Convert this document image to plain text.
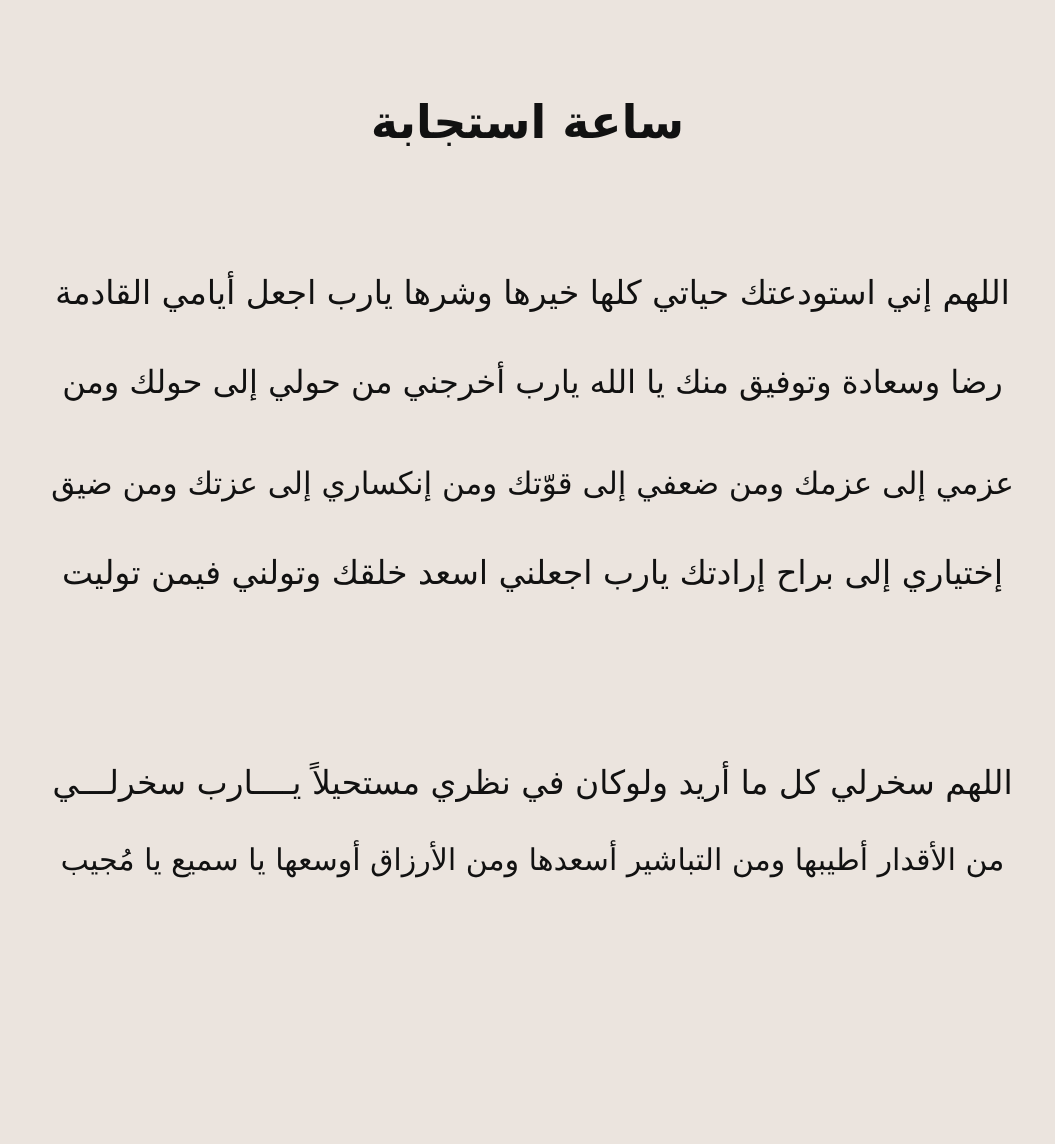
ساعة استجابة
اللهم إني استودعتك حياتي كلها خيرها وشرها يارب اجعل أيامي القادمة
رضا وسعادة وتوفيق منك يا الله يارب أخرجني من حولي إلى حولك ومن
عزمي إلى عزمك ومن ضعفي إلى قوّتك ومن إنكساري إلى عزتك ومن ضيق
إختياري إلى براح إرادتك يارب اجعلني اسعد خلقك وتولني فيمن توليت
اللهم سخرلي كل ما أريد ولوكان في نظري مستحيلاً يــــارب سخرلـــي
من الأقدار أطيبها ومن التباشير أسعدها ومن الأرزاق أوسعها يا سميع يا مُجيب
